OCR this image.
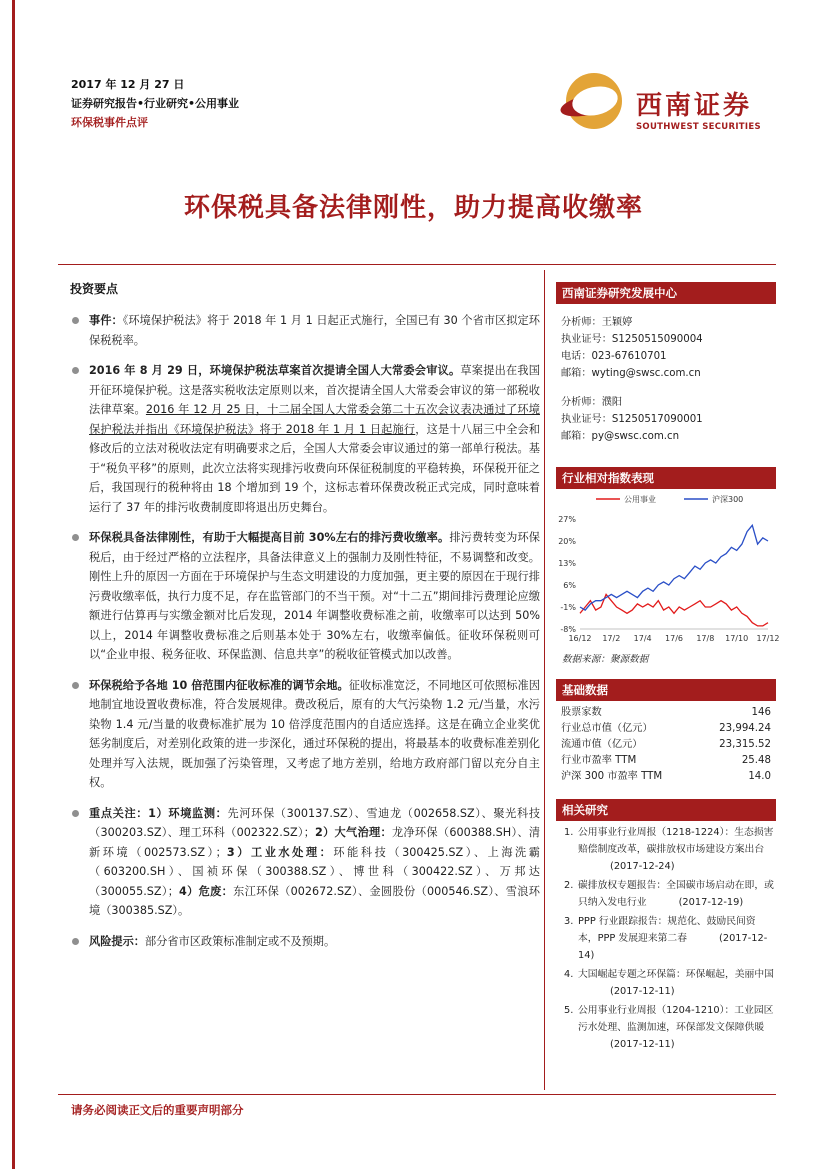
2017 年 12 月 27 日
证券研究报告•行业研究•公用事业
环保税事件点评
西南证券
SOUTHWEST SECURITIES
环保税具备法律刚性，助力提高收缴率
投资要点
事件：《环境保护税法》将于 2018 年 1 月 1 日起正式施行，全国已有 30 个省市区拟定环保税税率。
2016 年 8 月 29 日，环境保护税法草案首次提请全国人大常委会审议。草案提出在我国开征环境保护税。这是落实税收法定原则以来，首次提请全国人大常委会审议的第一部税收法律草案。2016 年 12 月 25 日，十二届全国人大常委会第二十五次会议表决通过了环境保护税法并指出《环境保护税法》将于 2018 年 1 月 1 日起施行，这是十八届三中全会和修改后的立法对税收法定有明确要求之后，全国人大常委会审议通过的第一部单行税法。基于“税负平移”的原则，此次立法将实现排污收费向环保征税制度的平稳转换，环保税开征之后，我国现行的税种将由 18 个增加到 19 个，这标志着环保费改税正式完成，同时意味着运行了 37 年的排污收费制度即将退出历史舞台。
环保税具备法律刚性，有助于大幅提高目前 30%左右的排污费收缴率。排污费转变为环保税后，由于经过严格的立法程序，具备法律意义上的强制力及刚性特征，不易调整和改变。刚性上升的原因一方面在于环境保护与生态文明建设的力度加强，更主要的原因在于现行排污费收缴率低，执行力度不足，存在监管部门的不当干预。对“十二五”期间排污费理论应缴额进行估算再与实缴金额对比后发现，2014 年调整收费标准之前，收缴率可以达到 50%以上，2014 年调整收费标准之后则基本处于 30%左右，收缴率偏低。征收环保税则可以“企业申报、税务征收、环保监测、信息共享”的税收征管模式加以改善。
环保税给予各地 10 倍范围内征收标准的调节余地。征收标准宽泛，不同地区可依照标准因地制宜地设置收费标准，符合发展规律。费改税后，原有的大气污染物 1.2 元/当量，水污染物 1.4 元/当量的收费标准扩展为 10 倍浮度范围内的自适应选择。这是在确立企业奖优惩劣制度后，对差别化政策的进一步深化，通过环保税的提出，将最基本的收费标准差别化处理并写入法规，既加强了污染管理，又考虑了地方差别，给地方政府部门留以充分自主权。
重点关注：1）环境监测：先河环保（300137.SZ）、雪迪龙（002658.SZ）、聚光科技（300203.SZ）、理工环科（002322.SZ）；2）大气治理：龙净环保（600388.SH）、清新环境（002573.SZ）；3）工业水处理：环能科技（300425.SZ）、上海洗霸（603200.SH）、国祯环保（300388.SZ）、博世科（300422.SZ）、万邦达（300055.SZ）；4）危废：东江环保（002672.SZ）、金圆股份（000546.SZ）、雪浪环境（300385.SZ）。
风险提示：部分省市区政策标准制定或不及预期。
西南证券研究发展中心
分析师：王颖婷
执业证号：S1250515090004
电话：023-67610701
邮箱：wyting@swsc.com.cn
分析师：濮阳
执业证号：S1250517090001
邮箱：py@swsc.com.cn
行业相对指数表现
公用事业	沪深300
27%
20%
13%
6%
-1%
-8%
16/12 17/2 17/4 17/6 17/8 17/10 17/12
数据来源：聚源数据
基础数据
股票家数	146
行业总市值（亿元）	23,994.24
流通市值（亿元）	23,315.52
行业市盈率 TTM	25.48
沪深 300 市盈率 TTM	14.0
相关研究
1. 公用事业行业周报（1218-1224）：生态损害赔偿制度改革，碳排放权市场建设方案出台(2017-12-24)
2. 碳排放权专题报告：全国碳市场启动在即，或只纳入发电行业	(2017-12-19)
3. PPP 行业跟踪报告：规范化、鼓励民间资本，PPP 发展迎来第二春	(2017-12-14)
4. 大国崛起专题之环保篇：环保崛起，美丽中国(2017-12-11)
5. 公用事业行业周报（1204-1210）：工业园区污水处理、监测加速，环保部发文保障供暖(2017-12-11)
请务必阅读正文后的重要声明部分
